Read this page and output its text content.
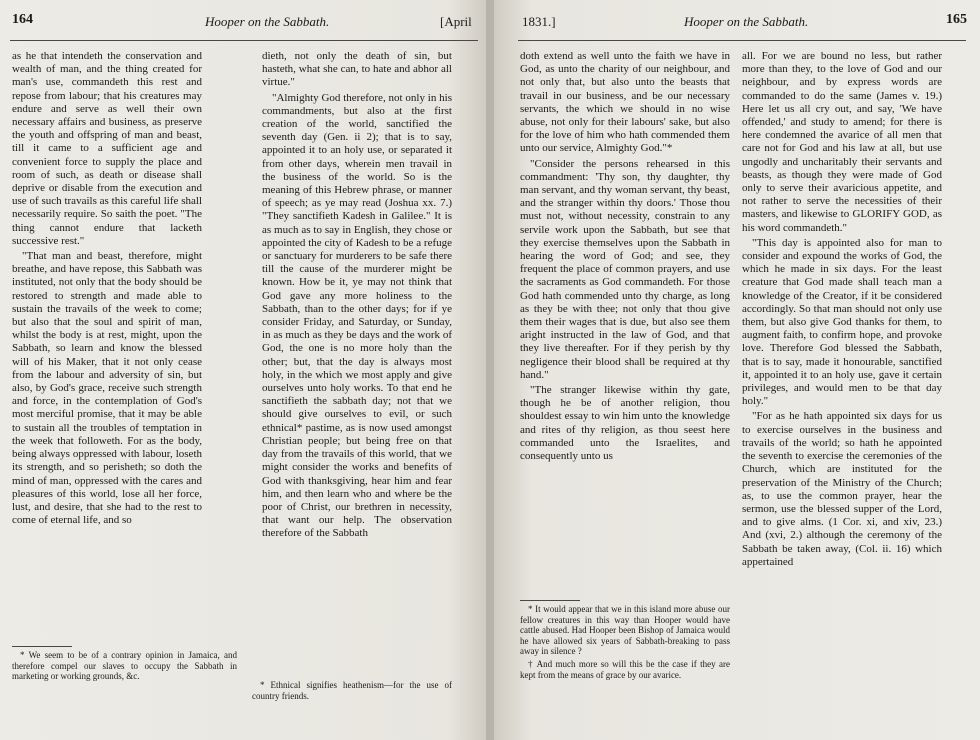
164	Hooper on the Sabbath.	[April

as he that intendeth the conservation and wealth of man, and the thing created for man's use, commandeth this rest and repose from labour; that his creatures may endure and serve as well their own necessary affairs and business, as preserve the youth and offspring of man and beast, till it came to a sufficient age and convenient force to supply the place and room of such, as death or disease shall deprive or disable from the execution and use of such travails as this careful life shall necessarily require. So saith the poet. "The thing cannot endure that lacketh successive rest."

"That man and beast, therefore, might breathe, and have repose, this Sabbath was instituted, not only that the body should be restored to strength and made able to sustain the travails of the week to come; but also that the soul and spirit of man, whilst the body is at rest, might, upon the Sabbath, so learn and know the blessed will of his Maker, that it not only cease from the labour and adversity of sin, but also, by God's grace, receive such strength and force, in the contemplation of God's most merciful promise, that it may be able to sustain all the troubles of temptation in the week that followeth. For as the body, being always oppressed with labour, loseth its strength, and so perisheth; so doth the mind of man, oppressed with the cares and pleasures of this world, lose all her force, lust, and desire, that she had to the rest to come of eternal life, and so

dieth, not only the death of sin, but hasteth, what she can, to hate and abhor all virtue."

"Almighty God therefore, not only in his commandments, but also at the first creation of the world, sanctified the seventh day (Gen. ii 2); that is to say, appointed it to an holy use, or separated it from other days, wherein men travail in the business of the world. So is the meaning of this Hebrew phrase, or manner of speech; as ye may read (Joshua xx. 7.) "They sanctifieth Kadesh in Galilee." It is as much as to say in English, they chose or appointed the city of Kadesh to be a refuge or sanctuary for murderers to be safe there till the cause of the murderer might be known. How be it, ye may not think that God gave any more holiness to the Sabbath, than to the other days; for if ye consider Friday, and Saturday, or Sunday, in as much as they be days and the work of God, the one is no more holy than the other; but, that the day is always most holy, in the which we most apply and give ourselves unto holy works. To that end he sanctifieth the sabbath day; not that we should give ourselves to evil, or such ethnical* pastime, as is now used amongst Christian people; but being free on that day from the travails of this world, that we might consider the works and benefits of God with thanksgiving, hear him and fear him, and then learn who and where be the poor of Christ, our brethren in necessity, that want our help. The observation therefore of the Sabbath

* We seem to be of a contrary opinion in Jamaica, and therefore compel our slaves to occupy the Sabbath in marketing or working grounds, &c.

* Ethnical signifies heathenism—for the use of country friends.

1831.]	Hooper on the Sabbath.	165

doth extend as well unto the faith we have in God, as unto the charity of our neighbour, and not only that, but also unto the beasts that travail in our business, and be our necessary servants, the which we should in no wise abuse, not only for their labours' sake, but also for the love of him who hath commended them unto our service, Almighty God."*

"Consider the persons rehearsed in this commandment: 'Thy son, thy daughter, thy man servant, and thy woman servant, thy beast, and the stranger within thy doors.' Those thou must not, without necessity, constrain to any servile work upon the Sabbath, but see that they exercise themselves upon the Sabbath in hearing the word of God; and see, they frequent the place of common prayers, and use the sacraments as God commandeth. For those God hath commended unto thy charge, as long as they be with thee; not only that thou give them their wages that is due, but also see them aright instructed in the law of God, and that they live thereafter. For if they perish by thy negligence their blood shall be required at thy hand."

"The stranger likewise within thy gate, though he be of another religion, thou shouldest essay to win him unto the knowledge and rites of thy religion, as thou seest here commanded unto the Israelites, and consequently unto us

all. For we are bound no less, but rather more than they, to the love of God and our neighbour, and by express words are commanded to do the same (James v. 19.) Here let us all cry out, and say, 'We have offended,' and study to amend; for there is here condemned the avarice of all men that care not for God and his law at all, but use ungodly and uncharitably their servants and beasts, as though they were made of God only to serve their avaricious appetite, and not rather to serve the necessities of their masters, and likewise to GLORIFY GOD, as his word commandeth."

"This day is appointed also for man to consider and expound the works of God, the which he made in six days. For the least creature that God made shall teach man a knowledge of the Creator, if it be considered accordingly. So that man should not only use them, but also give God thanks for them, to augment faith, to confirm hope, and provoke love. Therefore God blessed the Sabbath, that is to say, made it honourable, sanctified it, appointed it to an holy use, gave it certain privileges, and would men to be that day holy."

"For as he hath appointed six days for us to exercise ourselves in the business and travails of the world; so hath he appointed the seventh to exercise the ceremonies of the Church, which are instituted for the preservation of the Ministry of the Church; as, to use the common prayer, hear the sermon, use the blessed supper of the Lord, and to give alms. (1 Cor. xi, and xiv, 23.) And (xvi, 2.) although the ceremony of the Sabbath be taken away, (Col. ii. 16) which appertained

* It would appear that we in this island more abuse our fellow creatures in this way than Hooper would have cattle abused. Had Hooper been Bishop of Jamaica would he have allowed six years of Sabbath-breaking to pass away in silence ?

† And much more so will this be the case if they are kept from the means of grace by our avarice.
